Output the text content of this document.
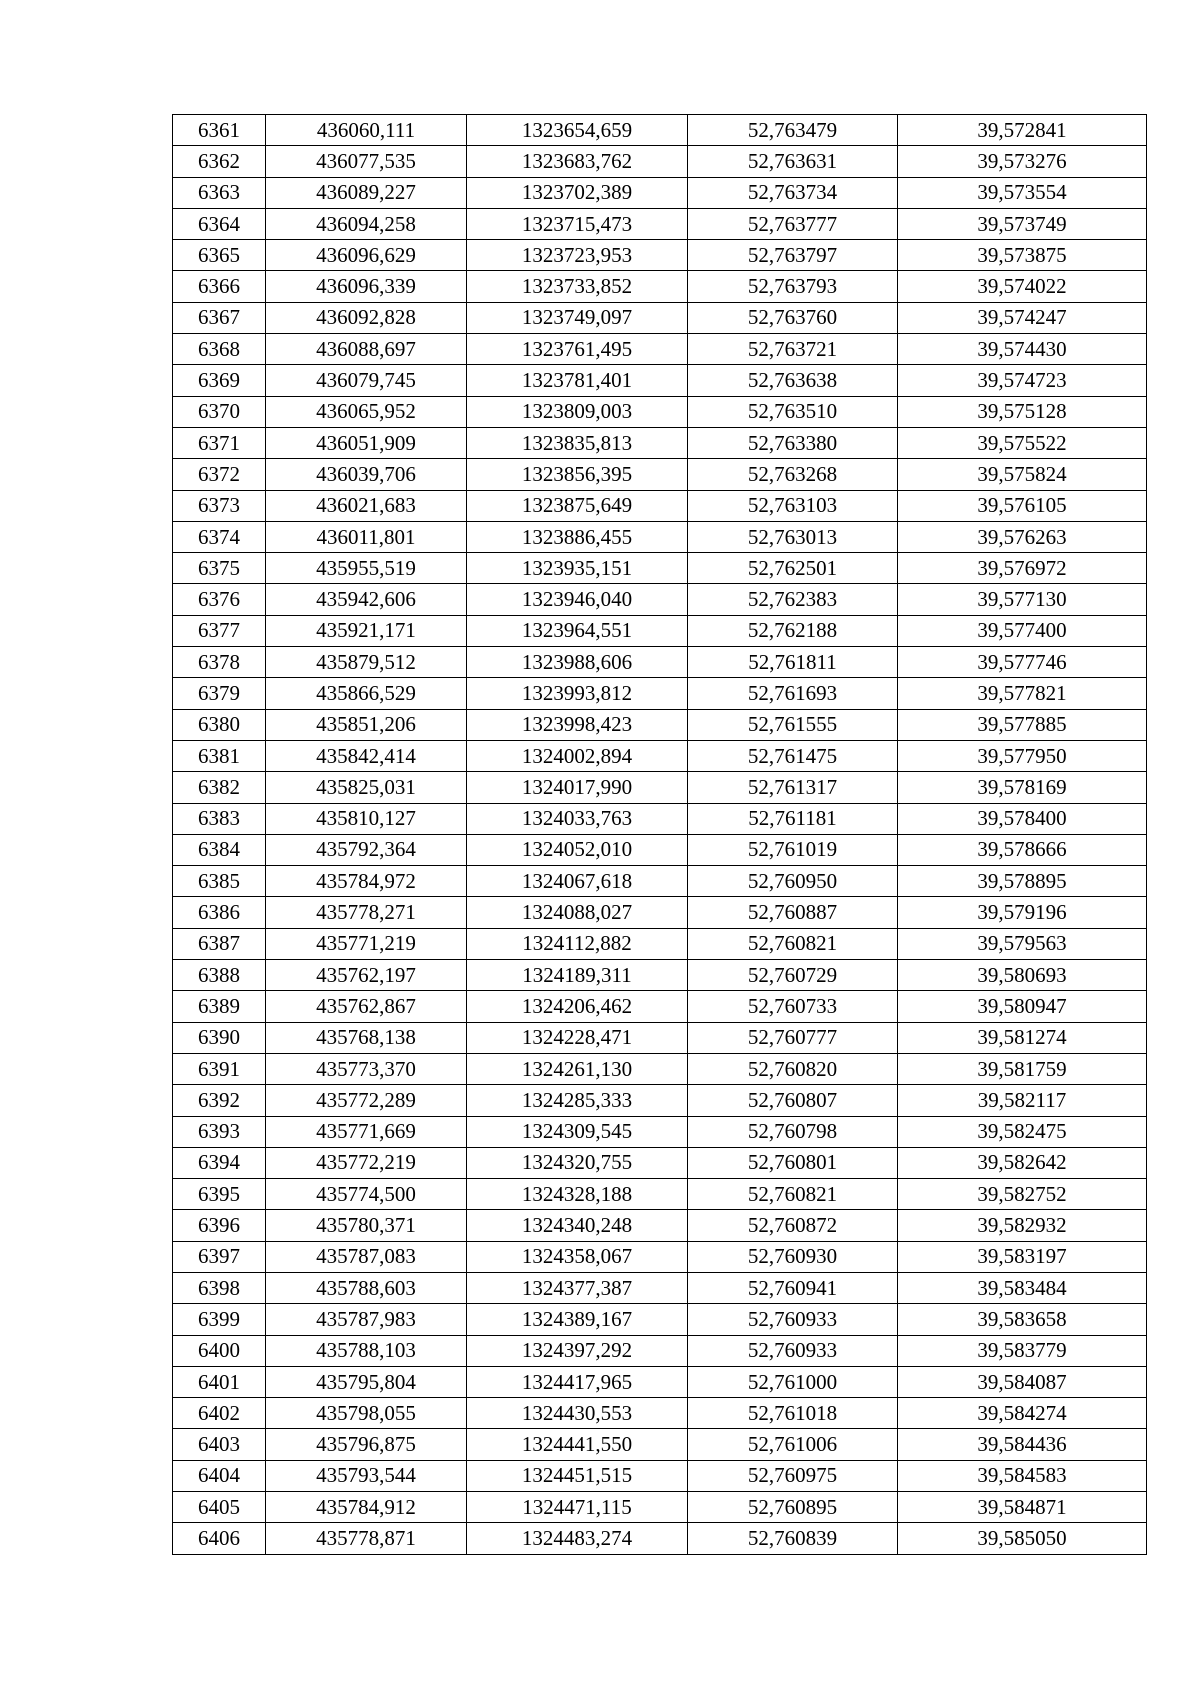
6361	436060,111	1323654,659	52,763479	39,572841
6362	436077,535	1323683,762	52,763631	39,573276
6363	436089,227	1323702,389	52,763734	39,573554
6364	436094,258	1323715,473	52,763777	39,573749
6365	436096,629	1323723,953	52,763797	39,573875
6366	436096,339	1323733,852	52,763793	39,574022
6367	436092,828	1323749,097	52,763760	39,574247
6368	436088,697	1323761,495	52,763721	39,574430
6369	436079,745	1323781,401	52,763638	39,574723
6370	436065,952	1323809,003	52,763510	39,575128
6371	436051,909	1323835,813	52,763380	39,575522
6372	436039,706	1323856,395	52,763268	39,575824
6373	436021,683	1323875,649	52,763103	39,576105
6374	436011,801	1323886,455	52,763013	39,576263
6375	435955,519	1323935,151	52,762501	39,576972
6376	435942,606	1323946,040	52,762383	39,577130
6377	435921,171	1323964,551	52,762188	39,577400
6378	435879,512	1323988,606	52,761811	39,577746
6379	435866,529	1323993,812	52,761693	39,577821
6380	435851,206	1323998,423	52,761555	39,577885
6381	435842,414	1324002,894	52,761475	39,577950
6382	435825,031	1324017,990	52,761317	39,578169
6383	435810,127	1324033,763	52,761181	39,578400
6384	435792,364	1324052,010	52,761019	39,578666
6385	435784,972	1324067,618	52,760950	39,578895
6386	435778,271	1324088,027	52,760887	39,579196
6387	435771,219	1324112,882	52,760821	39,579563
6388	435762,197	1324189,311	52,760729	39,580693
6389	435762,867	1324206,462	52,760733	39,580947
6390	435768,138	1324228,471	52,760777	39,581274
6391	435773,370	1324261,130	52,760820	39,581759
6392	435772,289	1324285,333	52,760807	39,582117
6393	435771,669	1324309,545	52,760798	39,582475
6394	435772,219	1324320,755	52,760801	39,582642
6395	435774,500	1324328,188	52,760821	39,582752
6396	435780,371	1324340,248	52,760872	39,582932
6397	435787,083	1324358,067	52,760930	39,583197
6398	435788,603	1324377,387	52,760941	39,583484
6399	435787,983	1324389,167	52,760933	39,583658
6400	435788,103	1324397,292	52,760933	39,583779
6401	435795,804	1324417,965	52,761000	39,584087
6402	435798,055	1324430,553	52,761018	39,584274
6403	435796,875	1324441,550	52,761006	39,584436
6404	435793,544	1324451,515	52,760975	39,584583
6405	435784,912	1324471,115	52,760895	39,584871
6406	435778,871	1324483,274	52,760839	39,585050
